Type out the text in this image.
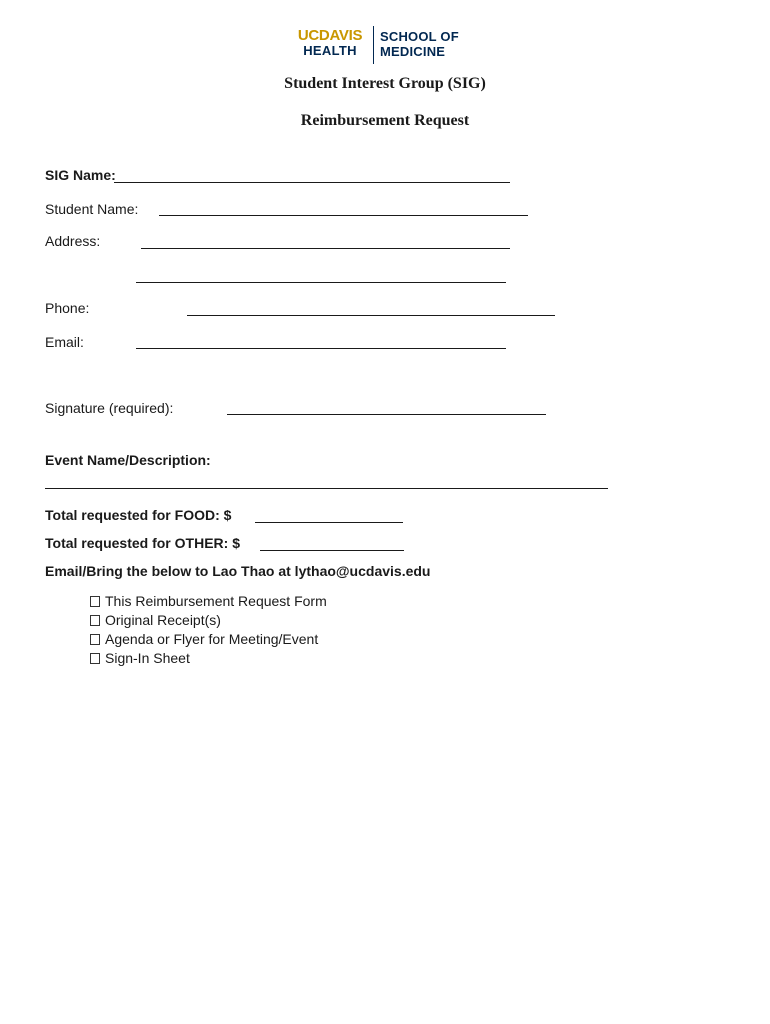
UCDAVIS
HEALTH
SCHOOL OF
MEDICINE
Student Interest Group (SIG)
Reimbursement Request
SIG Name:
Student Name:
Address:
Phone:
Email:
Signature (required):
Event Name/Description:
Total requested for FOOD: $
Total requested for OTHER: $
Email/Bring the below to Lao Thao at lythao@ucdavis.edu
This Reimbursement Request Form
Original Receipt(s)
Agenda or Flyer for Meeting/Event
Sign-In Sheet
